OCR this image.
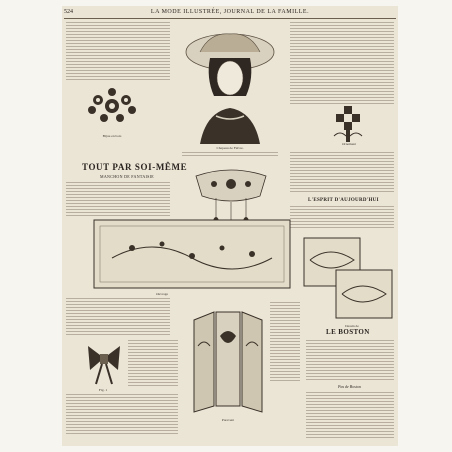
524	LA MODE ILLUSTRÉE, JOURNAL DE LA FAMILLE.
Bijou en bois
Chapeau de Fièvre.
Ornement
TOUT PAR SOI-MÊME
MANCHON DE FANTAISIE
L'ESPRIT D'AUJOURD'HUI
Ouvrage
Dessin de
Fig. 1
Paravent
LE BOSTON
Pas de Boston
